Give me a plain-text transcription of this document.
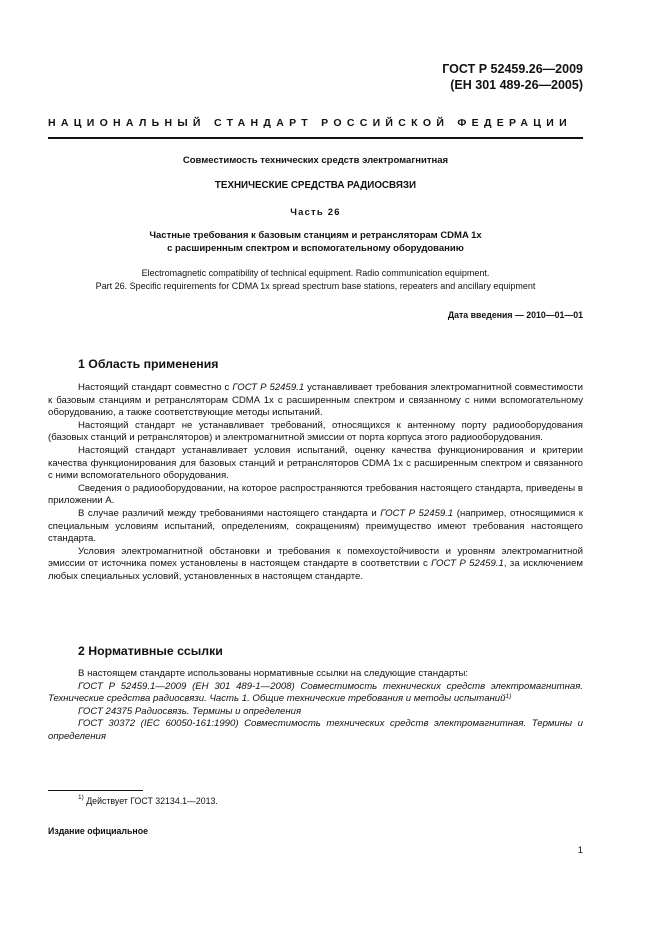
ГОСТ Р 52459.26—2009
(ЕН 301 489-26—2005)
НАЦИОНАЛЬНЫЙ СТАНДАРТ РОССИЙСКОЙ ФЕДЕРАЦИИ
Совместимость технических средств электромагнитная
ТЕХНИЧЕСКИЕ СРЕДСТВА РАДИОСВЯЗИ
Часть 26
Частные требования к базовым станциям и ретрансляторам CDMA 1x
с расширенным спектром и вспомогательному оборудованию
Electromagnetic compatibility of technical equipment. Radio communication equipment.
Part 26. Specific requirements for CDMA 1x spread spectrum base stations, repeaters and ancillary equipment
Дата введения — 2010—01—01
1 Область применения

Настоящий стандарт совместно с ГОСТ Р 52459.1 устанавливает требования электромагнитной совместимости к базовым станциям и ретрансляторам CDMA 1x с расширенным спектром и связанному с ними вспомогательному оборудованию, а также соответствующие методы испытаний.

Настоящий стандарт не устанавливает требований, относящихся к антенному порту радиооборудования (базовых станций и ретрансляторов) и электромагнитной эмиссии от порта корпуса этого радиооборудования.

Настоящий стандарт устанавливает условия испытаний, оценку качества функционирования и критерии качества функционирования для базовых станций и ретрансляторов CDMA 1x с расширенным спектром и связанного с ними вспомогательного оборудования.

Сведения о радиооборудовании, на которое распространяются требования настоящего стандарта, приведены в приложении А.

В случае различий между требованиями настоящего стандарта и ГОСТ Р 52459.1 (например, относящимися к специальным условиям испытаний, определениям, сокращениям) преимущество имеют требования настоящего стандарта.

Условия электромагнитной обстановки и требования к помехоустойчивости и уровням электромагнитной эмиссии от источника помех установлены в настоящем стандарте в соответствии с ГОСТ Р 52459.1, за исключением любых специальных условий, установленных в настоящем стандарте.

2 Нормативные ссылки

В настоящем стандарте использованы нормативные ссылки на следующие стандарты:

ГОСТ Р 52459.1—2009 (ЕН 301 489-1—2008) Совместимость технических средств электромагнитная. Технические средства радиосвязи. Часть 1. Общие технические требования и методы испытаний$^{1)}$

ГОСТ 24375 Радиосвязь. Термины и определения

ГОСТ 30372 (IEC 60050-161:1990) Совместимость технических средств электромагнитная. Термины и определения

$^{1)}$ Действует ГОСТ 32134.1—2013.
Издание официальное
1
